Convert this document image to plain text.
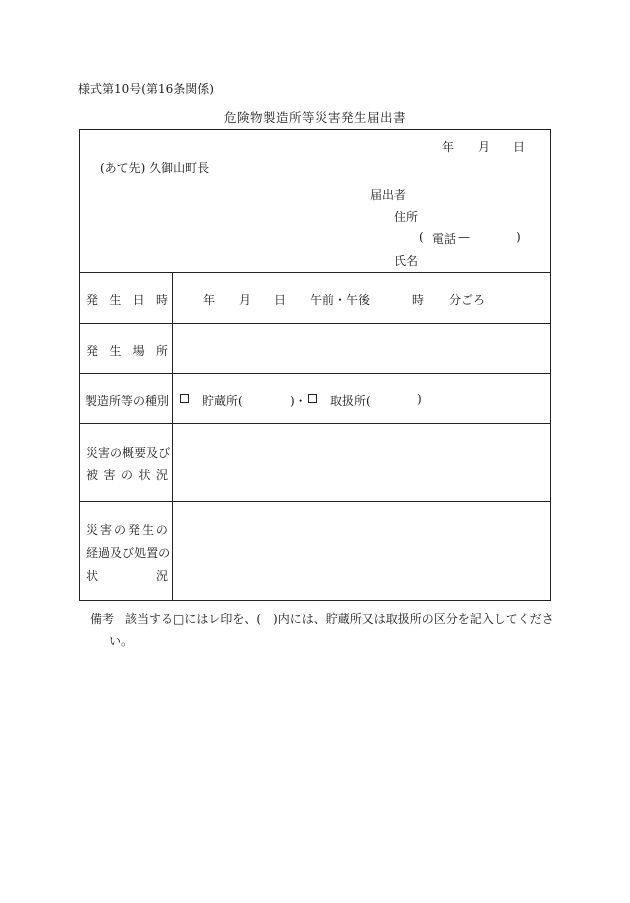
様式第10号(第16条関係)
危険物製造所等災害発生届出書
年 月 日
(あて先) 久御山町長
届出者
住所
( 電話 —	)
氏名
発 生 日 時	年 月 日 午前・午後	時 分ごろ
発 生 場 所
製造所等の種別	貯蔵所(	)・ 取扱所(	)
災 害 の 概 要 及 び
被 害 の 状 況
災 害 の 発 生 の
経 過 及 び 処 置 の
状	況
備考 該当する□にはレ印を、(　)内には、貯蔵所又は取扱所の区分を記入してくださ
い。
